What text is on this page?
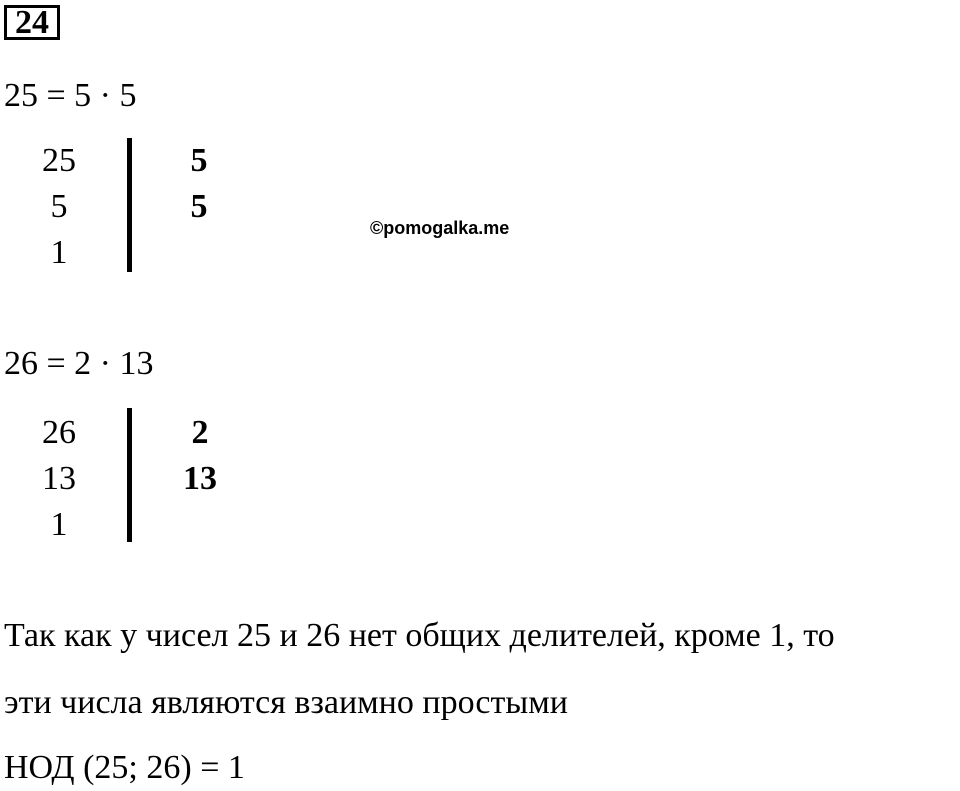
24
25 = 5 · 5
25
5
1
5
5
©pomogalka.me
26 = 2 · 13
26
13
1
2
13
Так как у чисел 25 и 26 нет общих делителей, кроме 1, то
эти числа являются взаимно простыми
НОД (25; 26) = 1
